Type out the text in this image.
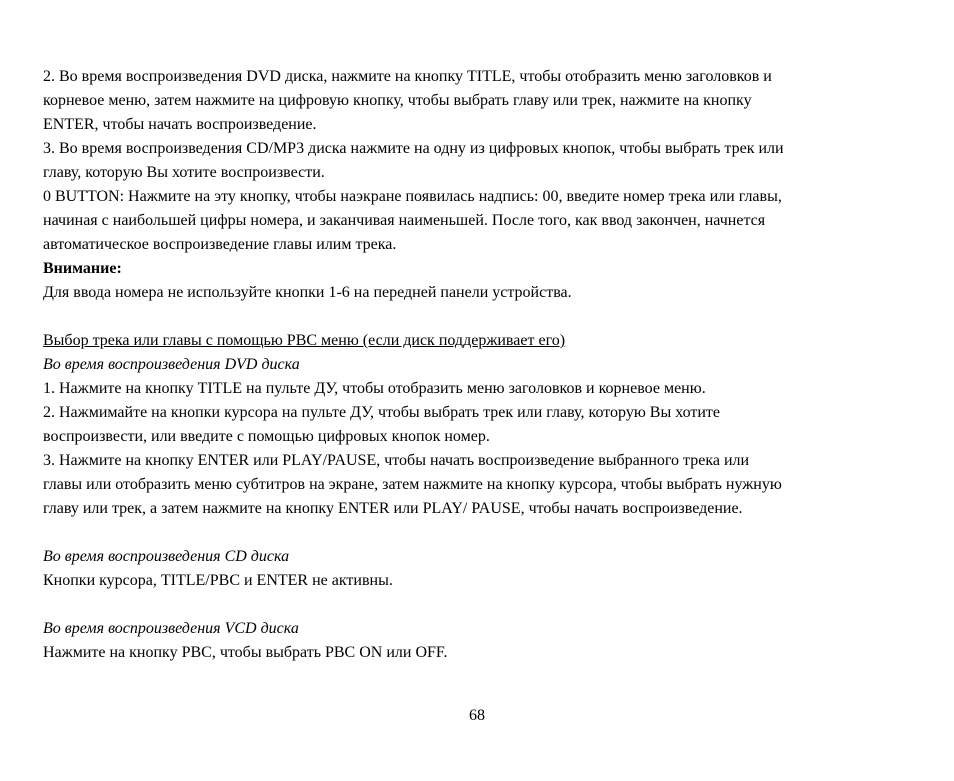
2. Во время воспроизведения DVD диска, нажмите на кнопку TITLE, чтобы отобразить меню заголовков и
корневое меню, затем нажмите на цифровую кнопку, чтобы выбрать главу или трек, нажмите на кнопку
ENTER, чтобы начать воспроизведение.
3. Во время воспроизведения CD/MP3 диска нажмите на одну из цифровых кнопок, чтобы выбрать трек или
главу, которую Вы хотите воспроизвести.
0 BUTTON: Нажмите на эту кнопку, чтобы наэкране появилась надпись: 00, введите номер трека или главы,
начиная с наибольшей цифры номера, и заканчивая наименьшей. После того, как ввод закончен, начнется
автоматическое воспроизведение главы илим трека.
Внимание:
Для ввода номера не используйте кнопки 1-6 на передней панели устройства.
Выбор трека или главы с помощью PBC меню (если диск поддерживает его)
Во время воспроизведения DVD диска
1. Нажмите на кнопку TITLE на пульте ДУ, чтобы отобразить меню заголовков и корневое меню.
2. Нажмимайте на кнопки курсора на пульте ДУ, чтобы выбрать трек или главу, которую Вы хотите
воспроизвести, или введите с помощью цифровых кнопок номер.
3. Нажмите на кнопку ENTER или PLAY/PAUSE, чтобы начать воспроизведение выбранного трека или
главы или отобразить меню субтитров на экране, затем нажмите на кнопку курсора, чтобы выбрать нужную
главу или трек, а затем нажмите на кнопку ENTER или PLAY/ PAUSE, чтобы начать воспроизведение.
Во время воспроизведения CD диска
Кнопки курсора, TITLE/PBC и ENTER не активны.
Во время воспроизведения VCD диска
Нажмите на кнопку PBC, чтобы выбрать PBC ON или OFF.
68
